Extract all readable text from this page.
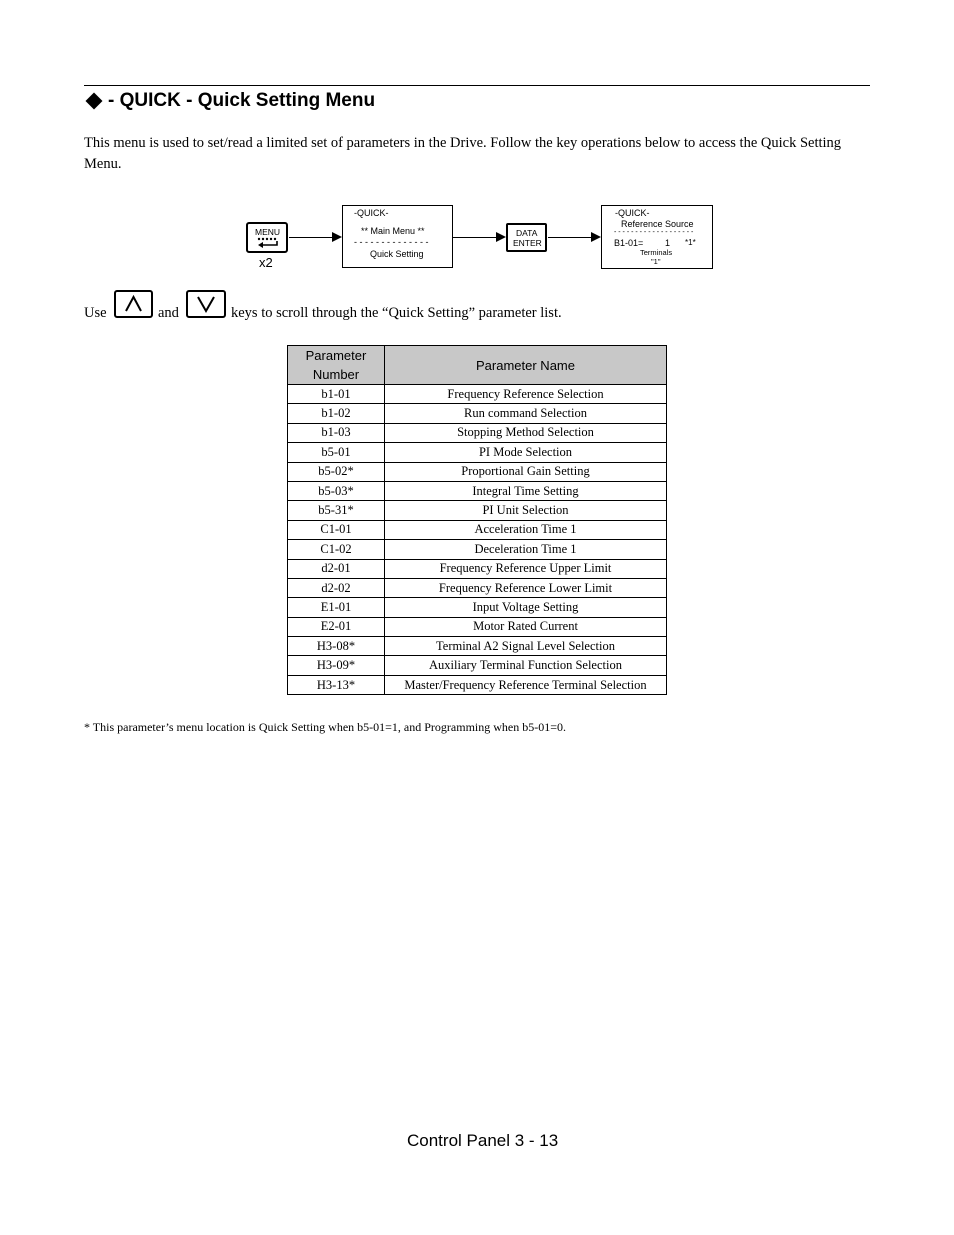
- QUICK - Quick Setting Menu
This menu is used to set/read a limited set of parameters in the Drive. Follow the key operations below to access the Quick Setting Menu.
MENU
x2
-QUICK-
** Main Menu **
- - - - - - - - - - - - - -
Quick Setting
DATA
ENTER
-QUICK-
Reference Source
- - - - - - - - - - - - - - - - - - -
B1-01= 1 *1*
Terminals
"1"
Use	and	keys to scroll through the “Quick Setting” parameter list.
Parameter Number	Parameter Name
b1-01	Frequency Reference Selection
b1-02	Run command Selection
b1-03	Stopping Method Selection
b5-01	PI Mode Selection
b5-02*	Proportional Gain Setting
b5-03*	Integral Time Setting
b5-31*	PI Unit Selection
C1-01	Acceleration Time 1
C1-02	Deceleration Time 1
d2-01	Frequency Reference Upper Limit
d2-02	Frequency Reference Lower Limit
E1-01	Input Voltage Setting
E2-01	Motor Rated Current
H3-08*	Terminal A2 Signal Level Selection
H3-09*	Auxiliary Terminal Function Selection
H3-13*	Master/Frequency Reference Terminal Selection
* This parameter’s menu location is Quick Setting when b5-01=1, and Programming when b5-01=0.
Control Panel 3 - 13
